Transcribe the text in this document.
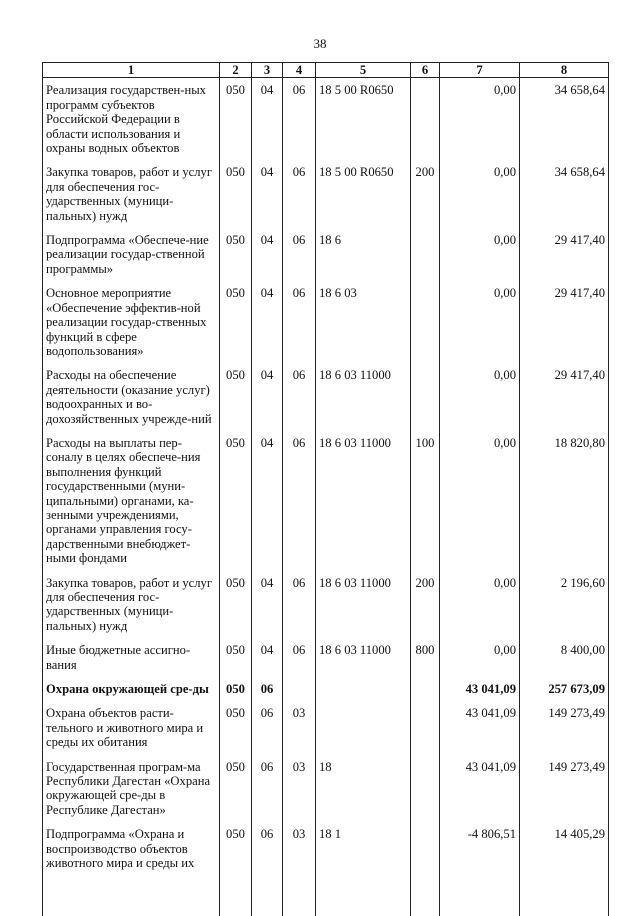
38
1	2	3	4	5	6	7	8
Реализация государствен-ных программ субъектов Российской Федерации в области использования и охраны водных объектов	050	04	06	18 5 00 R0650		0,00	34 658,64
Закупка товаров, работ и услуг для обеспечения гос-ударственных (муници-пальных) нужд	050	04	06	18 5 00 R0650	200	0,00	34 658,64
Подпрограмма «Обеспече-ние реализации государ-ственной программы»	050	04	06	18 6		0,00	29 417,40
Основное мероприятие «Обеспечение эффектив-ной реализации государ-ственных функций в сфере водопользования»	050	04	06	18 6 03		0,00	29 417,40
Расходы на обеспечение деятельности (оказание услуг) водоохранных и во-дохозяйственных учрежде-ний	050	04	06	18 6 03 11000		0,00	29 417,40
Расходы на выплаты пер-соналу в целях обеспече-ния выполнения функций государственными (муни-ципальными) органами, ка-зенными учреждениями, органами управления госу-дарственными внебюджет-ными фондами	050	04	06	18 6 03 11000	100	0,00	18 820,80
Закупка товаров, работ и услуг для обеспечения гос-ударственных (муници-пальных) нужд	050	04	06	18 6 03 11000	200	0,00	2 196,60
Иные бюджетные ассигно-вания	050	04	06	18 6 03 11000	800	0,00	8 400,00
Охрана окружающей сре-ды	050	06				43 041,09	257 673,09
Охрана объектов расти-тельного и животного мира и среды их обитания	050	06	03			43 041,09	149 273,49
Государственная програм-ма Республики Дагестан «Охрана окружающей сре-ды в Республике Дагестан»	050	06	03	18		43 041,09	149 273,49
Подпрограмма «Охрана и воспроизводство объектов животного мира и среды их	050	06	03	18 1		-4 806,51	14 405,29
